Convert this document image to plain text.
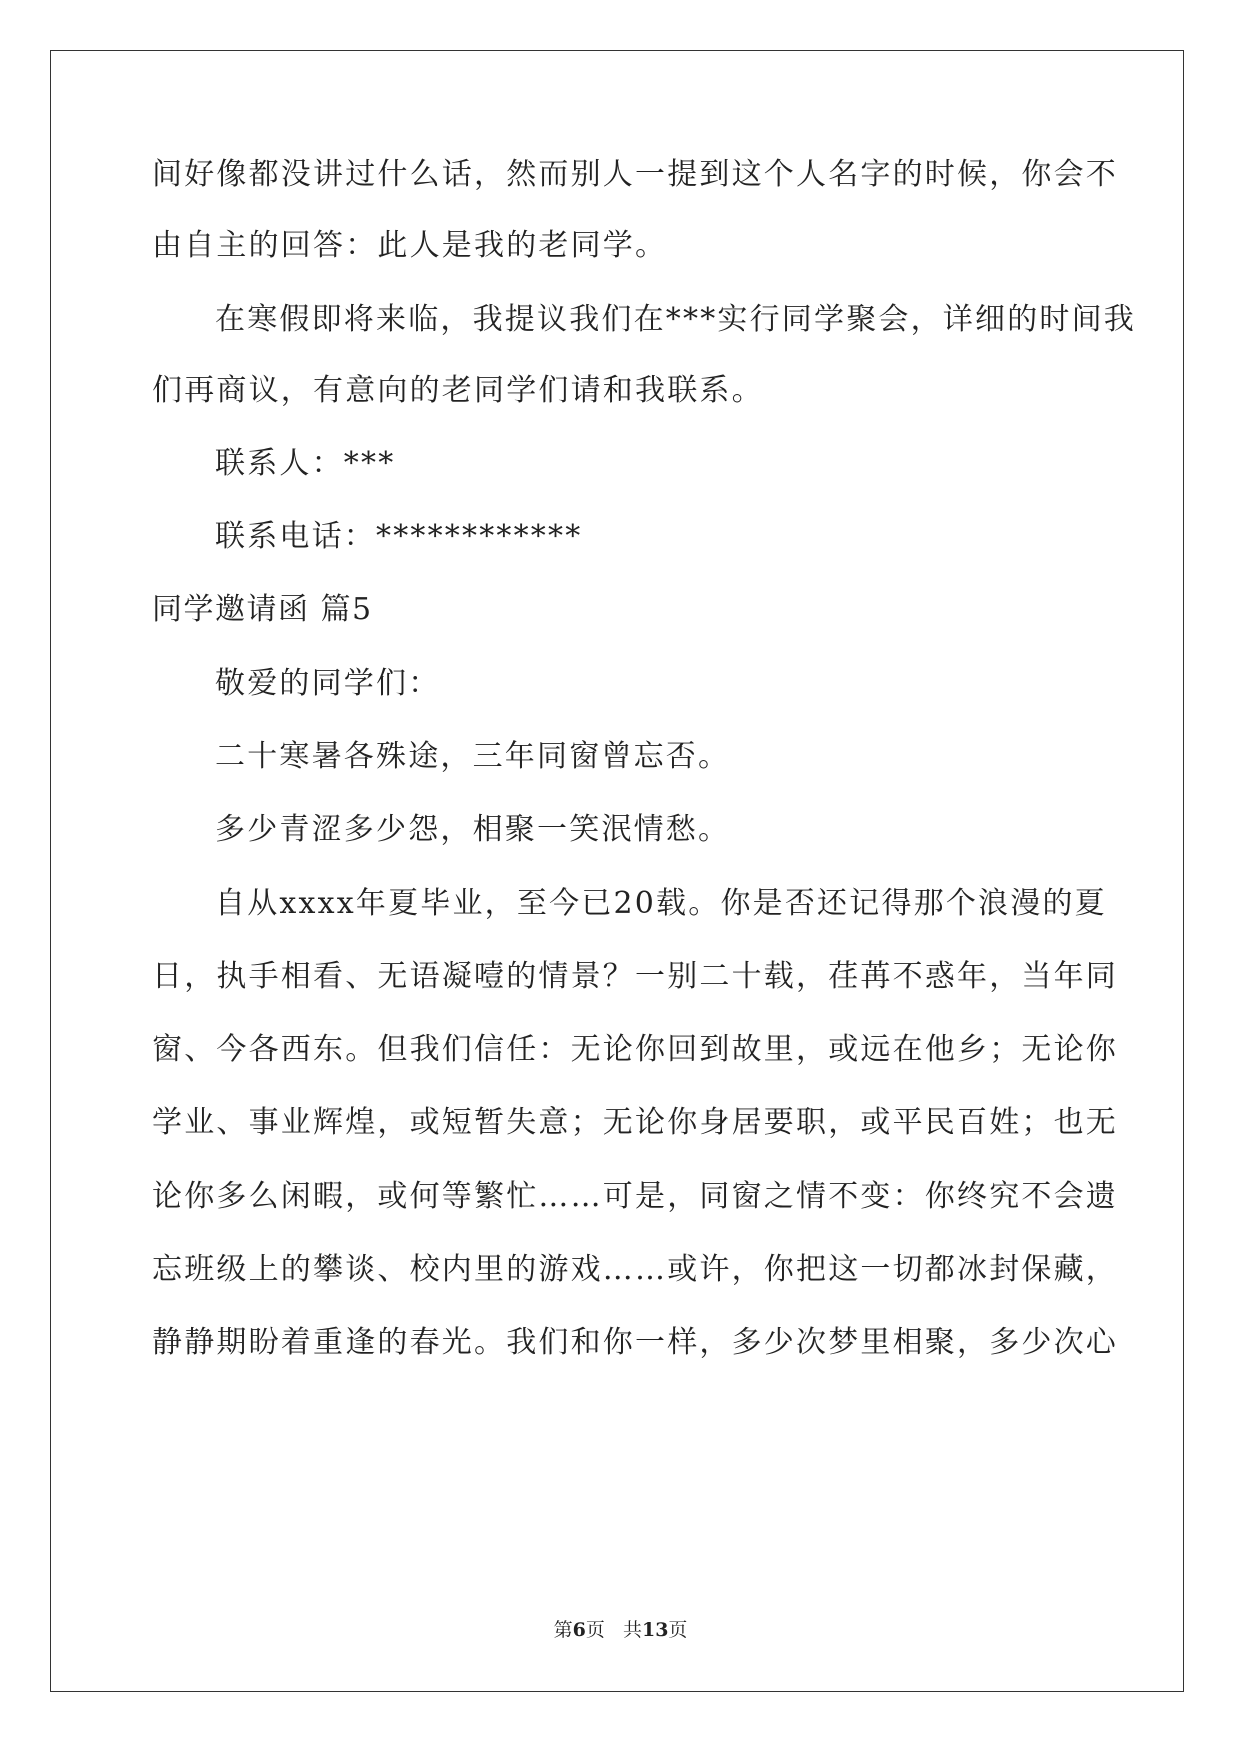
间好像都没讲过什么话，然而别人一提到这个人名字的时候，你会不
由自主的回答：此人是我的老同学。
在寒假即将来临，我提议我们在***实行同学聚会，详细的时间我
们再商议，有意向的老同学们请和我联系。
联系人：***
联系电话：************
同学邀请函 篇5
敬爱的同学们：
二十寒暑各殊途，三年同窗曾忘否。
多少青涩多少怨，相聚一笑泯情愁。
自从xxxx年夏毕业，至今已20载。你是否还记得那个浪漫的夏
日，执手相看、无语凝噎的情景？一别二十载，荏苒不惑年，当年同
窗、今各西东。但我们信任：无论你回到故里，或远在他乡；无论你
学业、事业辉煌，或短暂失意；无论你身居要职，或平民百姓；也无
论你多么闲暇，或何等繁忙……可是，同窗之情不变：你终究不会遗
忘班级上的攀谈、校内里的游戏……或许，你把这一切都冰封保藏，
静静期盼着重逢的春光。我们和你一样，多少次梦里相聚，多少次心
第6页 共13页
